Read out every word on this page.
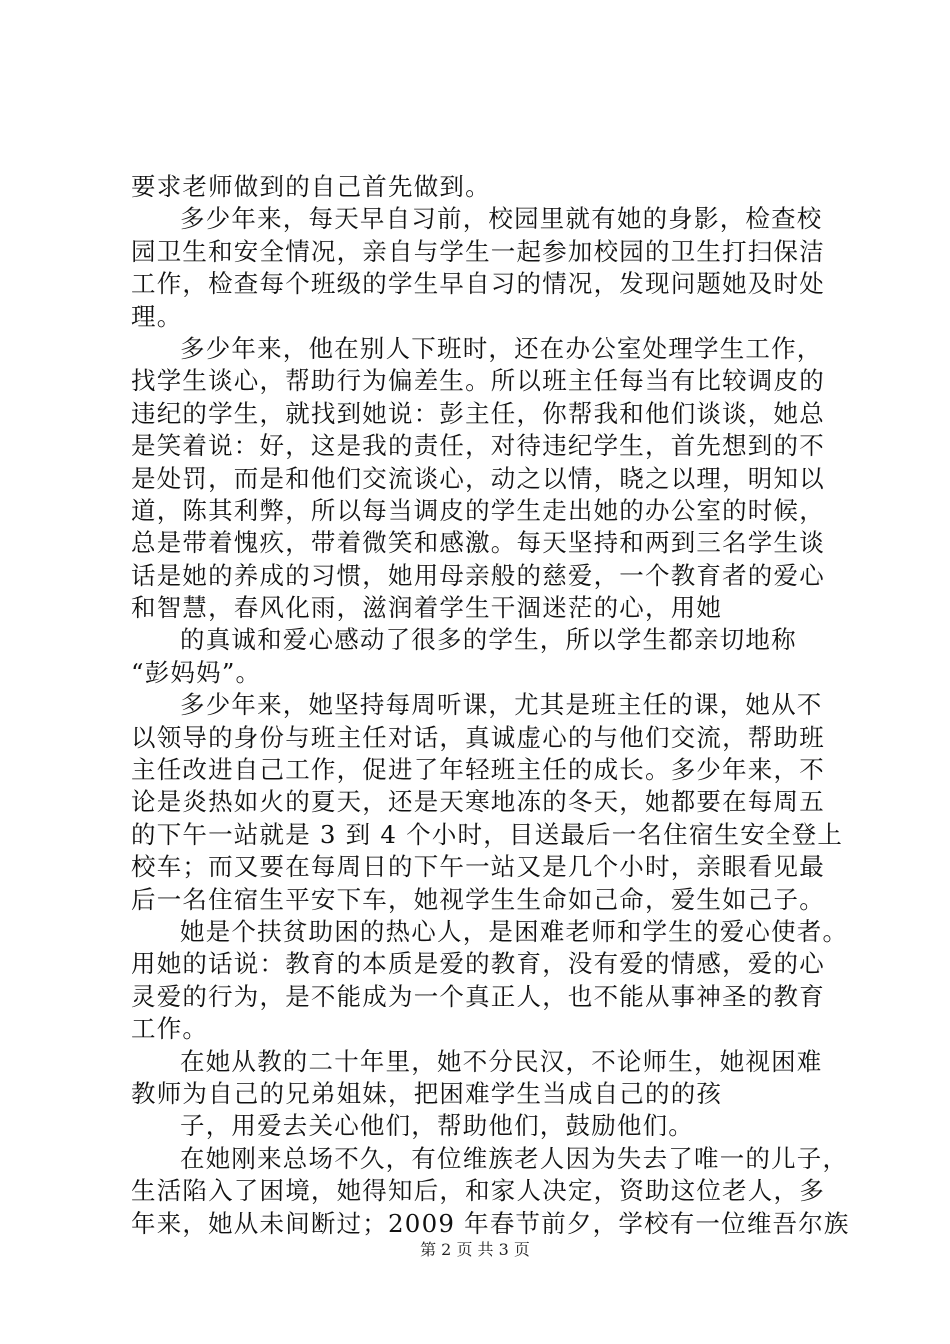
要求老师做到的自己首先做到。
多少年来，每天早自习前，校园里就有她的身影，检查校
园卫生和安全情况，亲自与学生一起参加校园的卫生打扫保洁
工作，检查每个班级的学生早自习的情况，发现问题她及时处
理。
多少年来，他在别人下班时，还在办公室处理学生工作，
找学生谈心，帮助行为偏差生。所以班主任每当有比较调皮的
违纪的学生，就找到她说：彭主任，你帮我和他们谈谈，她总
是笑着说：好，这是我的责任，对待违纪学生，首先想到的不
是处罚，而是和他们交流谈心，动之以情，晓之以理，明知以
道，陈其利弊，所以每当调皮的学生走出她的办公室的时候，
总是带着愧疚，带着微笑和感激。每天坚持和两到三名学生谈
话是她的养成的习惯，她用母亲般的慈爱，一个教育者的爱心
和智慧，春风化雨，滋润着学生干涸迷茫的心，用她
的真诚和爱心感动了很多的学生，所以学生都亲切地称
“彭妈妈”。
多少年来，她坚持每周听课，尤其是班主任的课，她从不
以领导的身份与班主任对话，真诚虚心的与他们交流，帮助班
主任改进自己工作，促进了年轻班主任的成长。多少年来，不
论是炎热如火的夏天，还是天寒地冻的冬天，她都要在每周五
的下午一站就是 3 到 4 个小时，目送最后一名住宿生安全登上
校车；而又要在每周日的下午一站又是几个小时，亲眼看见最
后一名住宿生平安下车，她视学生生命如己命，爱生如己子。
她是个扶贫助困的热心人，是困难老师和学生的爱心使者。
用她的话说：教育的本质是爱的教育，没有爱的情感，爱的心
灵爱的行为，是不能成为一个真正人，也不能从事神圣的教育
工作。
在她从教的二十年里，她不分民汉，不论师生，她视困难
教师为自己的兄弟姐妹，把困难学生当成自己的的孩
子，用爱去关心他们，帮助他们，鼓励他们。
在她刚来总场不久，有位维族老人因为失去了唯一的儿子，
生活陷入了困境，她得知后，和家人决定，资助这位老人，多
年来，她从未间断过；2009 年春节前夕，学校有一位维吾尔族
第 2 页 共 3 页
